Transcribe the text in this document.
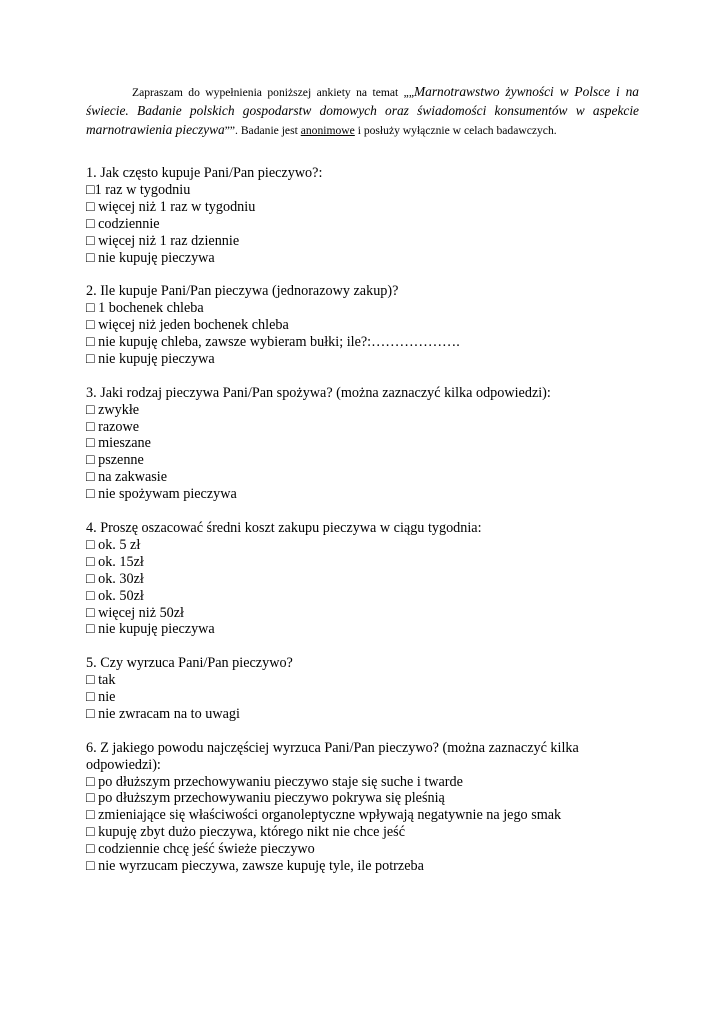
Zapraszam do wypełnienia poniższej ankiety na temat „„Marnotrawstwo żywności w Polsce i na świecie. Badanie polskich gospodarstw domowych oraz świadomości konsumentów w aspekcie marnotrawienia pieczywa””. Badanie jest anonimowe i posłuży wyłącznie w celach badawczych.
1. Jak często kupuje Pani/Pan pieczywo?:
□1 raz w tygodniu
□ więcej niż 1 raz w tygodniu
□ codziennie
□ więcej niż 1 raz dziennie
□ nie kupuję pieczywa
2. Ile kupuje Pani/Pan pieczywa (jednorazowy zakup)?
□ 1 bochenek chleba
□ więcej niż jeden bochenek chleba
□ nie kupuję chleba, zawsze wybieram bułki; ile?:……………….
□ nie kupuję pieczywa
3. Jaki rodzaj pieczywa Pani/Pan spożywa? (można zaznaczyć kilka odpowiedzi):
□ zwykłe
□ razowe
□ mieszane
□ pszenne
□ na zakwasie
□ nie spożywam pieczywa
4. Proszę oszacować średni koszt zakupu pieczywa w ciągu tygodnia:
□ ok. 5 zł
□ ok. 15zł
□ ok. 30zł
□ ok. 50zł
□ więcej niż 50zł
□ nie kupuję pieczywa
5. Czy wyrzuca Pani/Pan pieczywo?
□ tak
□ nie
□ nie zwracam na to uwagi
6. Z jakiego powodu najczęściej wyrzuca Pani/Pan pieczywo? (można zaznaczyć kilka odpowiedzi):
□ po dłuższym przechowywaniu pieczywo staje się suche i twarde
□ po dłuższym przechowywaniu pieczywo pokrywa się pleśnią
□ zmieniające się właściwości organoleptyczne wpływają negatywnie na jego smak
□ kupuję zbyt dużo pieczywa, którego nikt nie chce jeść
□ codziennie chcę jeść świeże pieczywo
□ nie wyrzucam pieczywa, zawsze kupuję tyle, ile potrzeba
